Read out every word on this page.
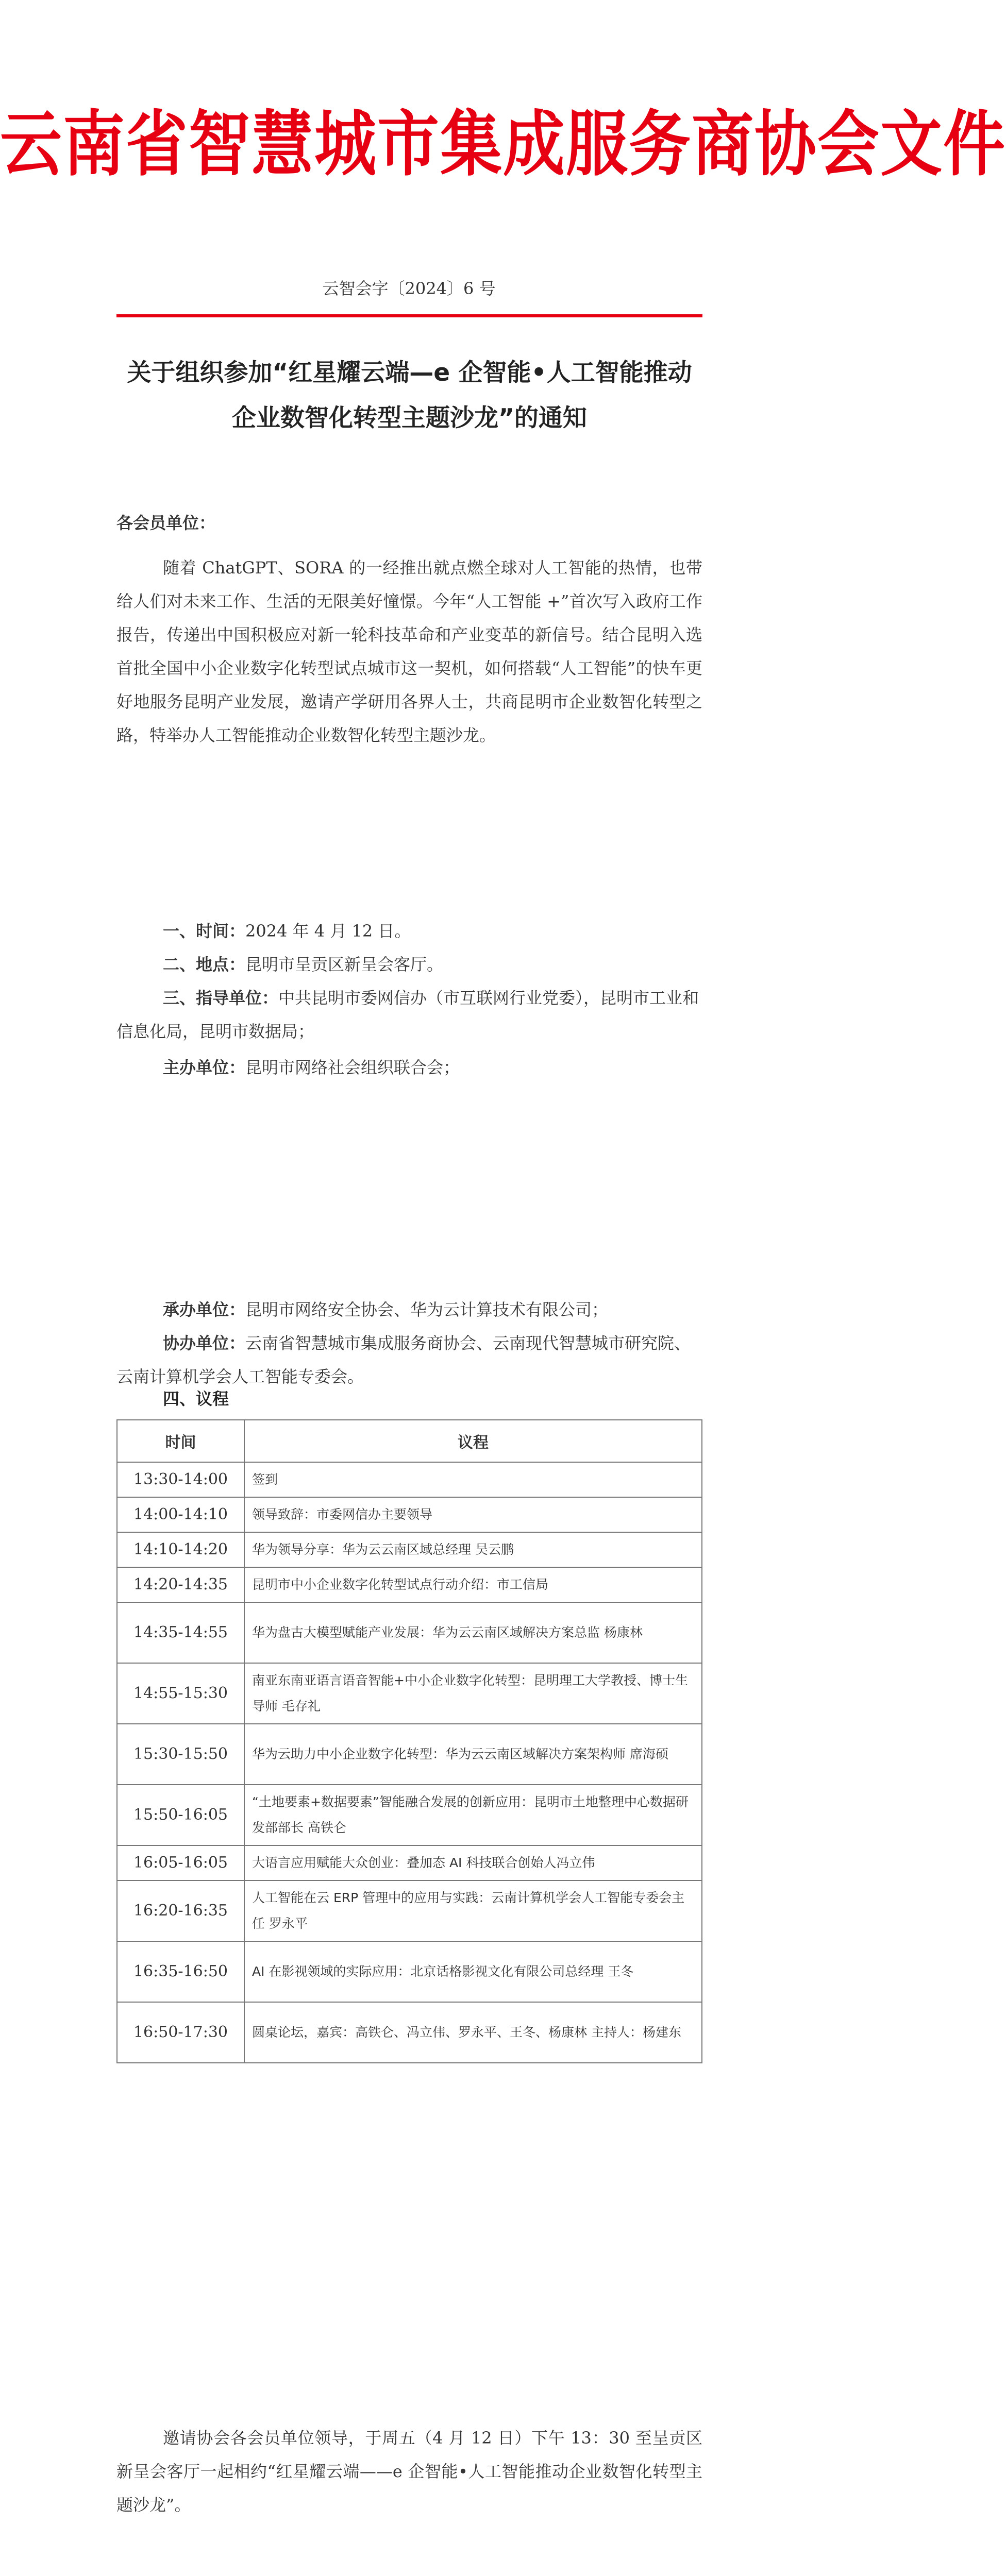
云南省智慧城市集成服务商协会文件
云智会字〔2024〕6 号
关于组织参加“红星耀云端—e 企智能•人工智能推动企业数智化转型主题沙龙”的通知
各会员单位：
随着 ChatGPT、SORA 的一经推出就点燃全球对人工智能的热情，也带给人们对未来工作、生活的无限美好憧憬。今年“人工智能 +”首次写入政府工作报告，传递出中国积极应对新一轮科技革命和产业变革的新信号。结合昆明入选首批全国中小企业数字化转型试点城市这一契机，如何搭载“人工智能”的快车更好地服务昆明产业发展，邀请产学研用各界人士，共商昆明市企业数智化转型之路，特举办人工智能推动企业数智化转型主题沙龙。
一、时间：2024 年 4 月 12 日。
二、地点：昆明市呈贡区新呈会客厅。
三、指导单位：中共昆明市委网信办（市互联网行业党委），昆明市工业和信息化局，昆明市数据局；
主办单位：昆明市网络社会组织联合会；
承办单位：昆明市网络安全协会、华为云计算技术有限公司；
协办单位：云南省智慧城市集成服务商协会、云南现代智慧城市研究院、云南计算机学会人工智能专委会。
四、议程
时间	议程
13:30-14:00	签到
14:00-14:10	领导致辞：市委网信办主要领导
14:10-14:20	华为领导分享：华为云云南区域总经理 吴云鹏
14:20-14:35	昆明市中小企业数字化转型试点行动介绍：市工信局
14:35-14:55	华为盘古大模型赋能产业发展：华为云云南区域解决方案总监 杨康林
14:55-15:30	南亚东南亚语言语音智能+中小企业数字化转型：昆明理工大学教授、博士生导师 毛存礼
15:30-15:50	华为云助力中小企业数字化转型：华为云云南区域解决方案架构师 席海硕
15:50-16:05	“土地要素+数据要素”智能融合发展的创新应用：昆明市土地整理中心数据研发部部长 高铁仑
16:05-16:05	大语言应用赋能大众创业：叠加态 AI 科技联合创始人冯立伟
16:20-16:35	人工智能在云 ERP 管理中的应用与实践：云南计算机学会人工智能专委会主任 罗永平
16:35-16:50	AI 在影视领域的实际应用：北京话格影视文化有限公司总经理 王冬
16:50-17:30	圆桌论坛，嘉宾：高铁仑、冯立伟、罗永平、王冬、杨康林 主持人：杨建东
邀请协会各会员单位领导，于周五（4 月 12 日）下午 13：30 至呈贡区新呈会客厅一起相约“红星耀云端——e 企智能•人工智能推动企业数智化转型主题沙龙”。
